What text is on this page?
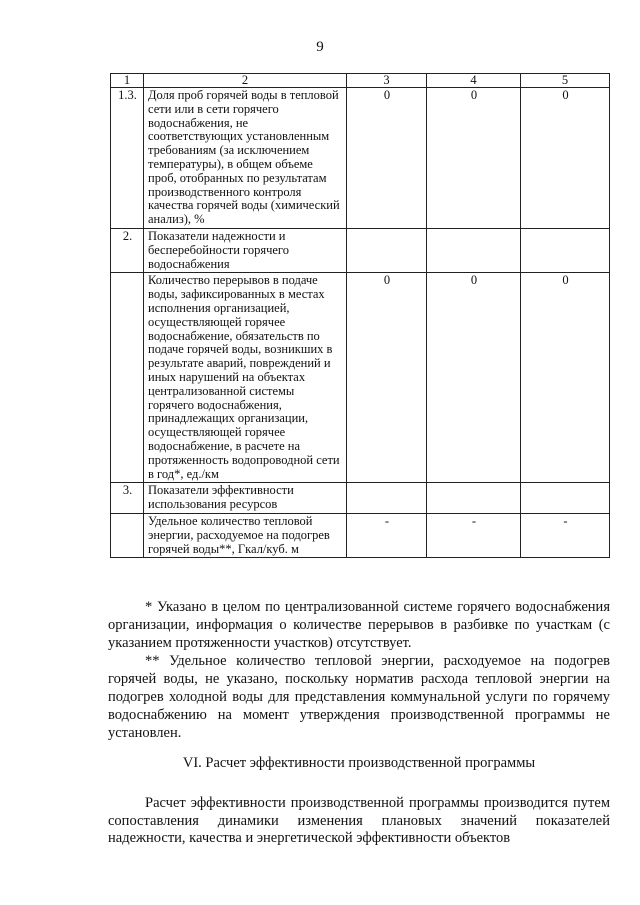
9
1	2	3	4	5
1.3.	Доля проб горячей воды в тепловой сети или в сети горячего водоснабжения, не соответствующих установленным требованиям (за исключением температуры), в общем объеме проб, отобранных по результатам производственного контроля качества горячей воды (химический анализ), %	0	0	0
2.	Показатели надежности и бесперебойности горячего водоснабжения			
	Количество перерывов в подаче воды, зафиксированных в местах исполнения организацией, осуществляющей горячее водоснабжение, обязательств по подаче горячей воды, возникших в результате аварий, повреждений и иных нарушений на объектах централизованной системы горячего водоснабжения, принадлежащих организации, осуществляющей горячее водоснабжение, в расчете на протяженность водопроводной сети в год*, ед./км	0	0	0
3.	Показатели эффективности использования ресурсов			
	Удельное количество тепловой энергии, расходуемое на подогрев горячей воды**, Гкал/куб. м	-	-	-

* Указано в целом по централизованной системе горячего водоснабжения организации, информация о количестве перерывов в разбивке по участкам (с указанием протяженности участков) отсутствует.

** Удельное количество тепловой энергии, расходуемое на подогрев горячей воды, не указано, поскольку норматив расхода тепловой энергии на подогрев холодной воды для представления коммунальной услуги по горячему водоснабжению на момент утверждения производственной программы не установлен.

VI. Расчет эффективности производственной программы

Расчет эффективности производственной программы производится путем сопоставления динамики изменения плановых значений показателей надежности, качества и энергетической эффективности объектов
